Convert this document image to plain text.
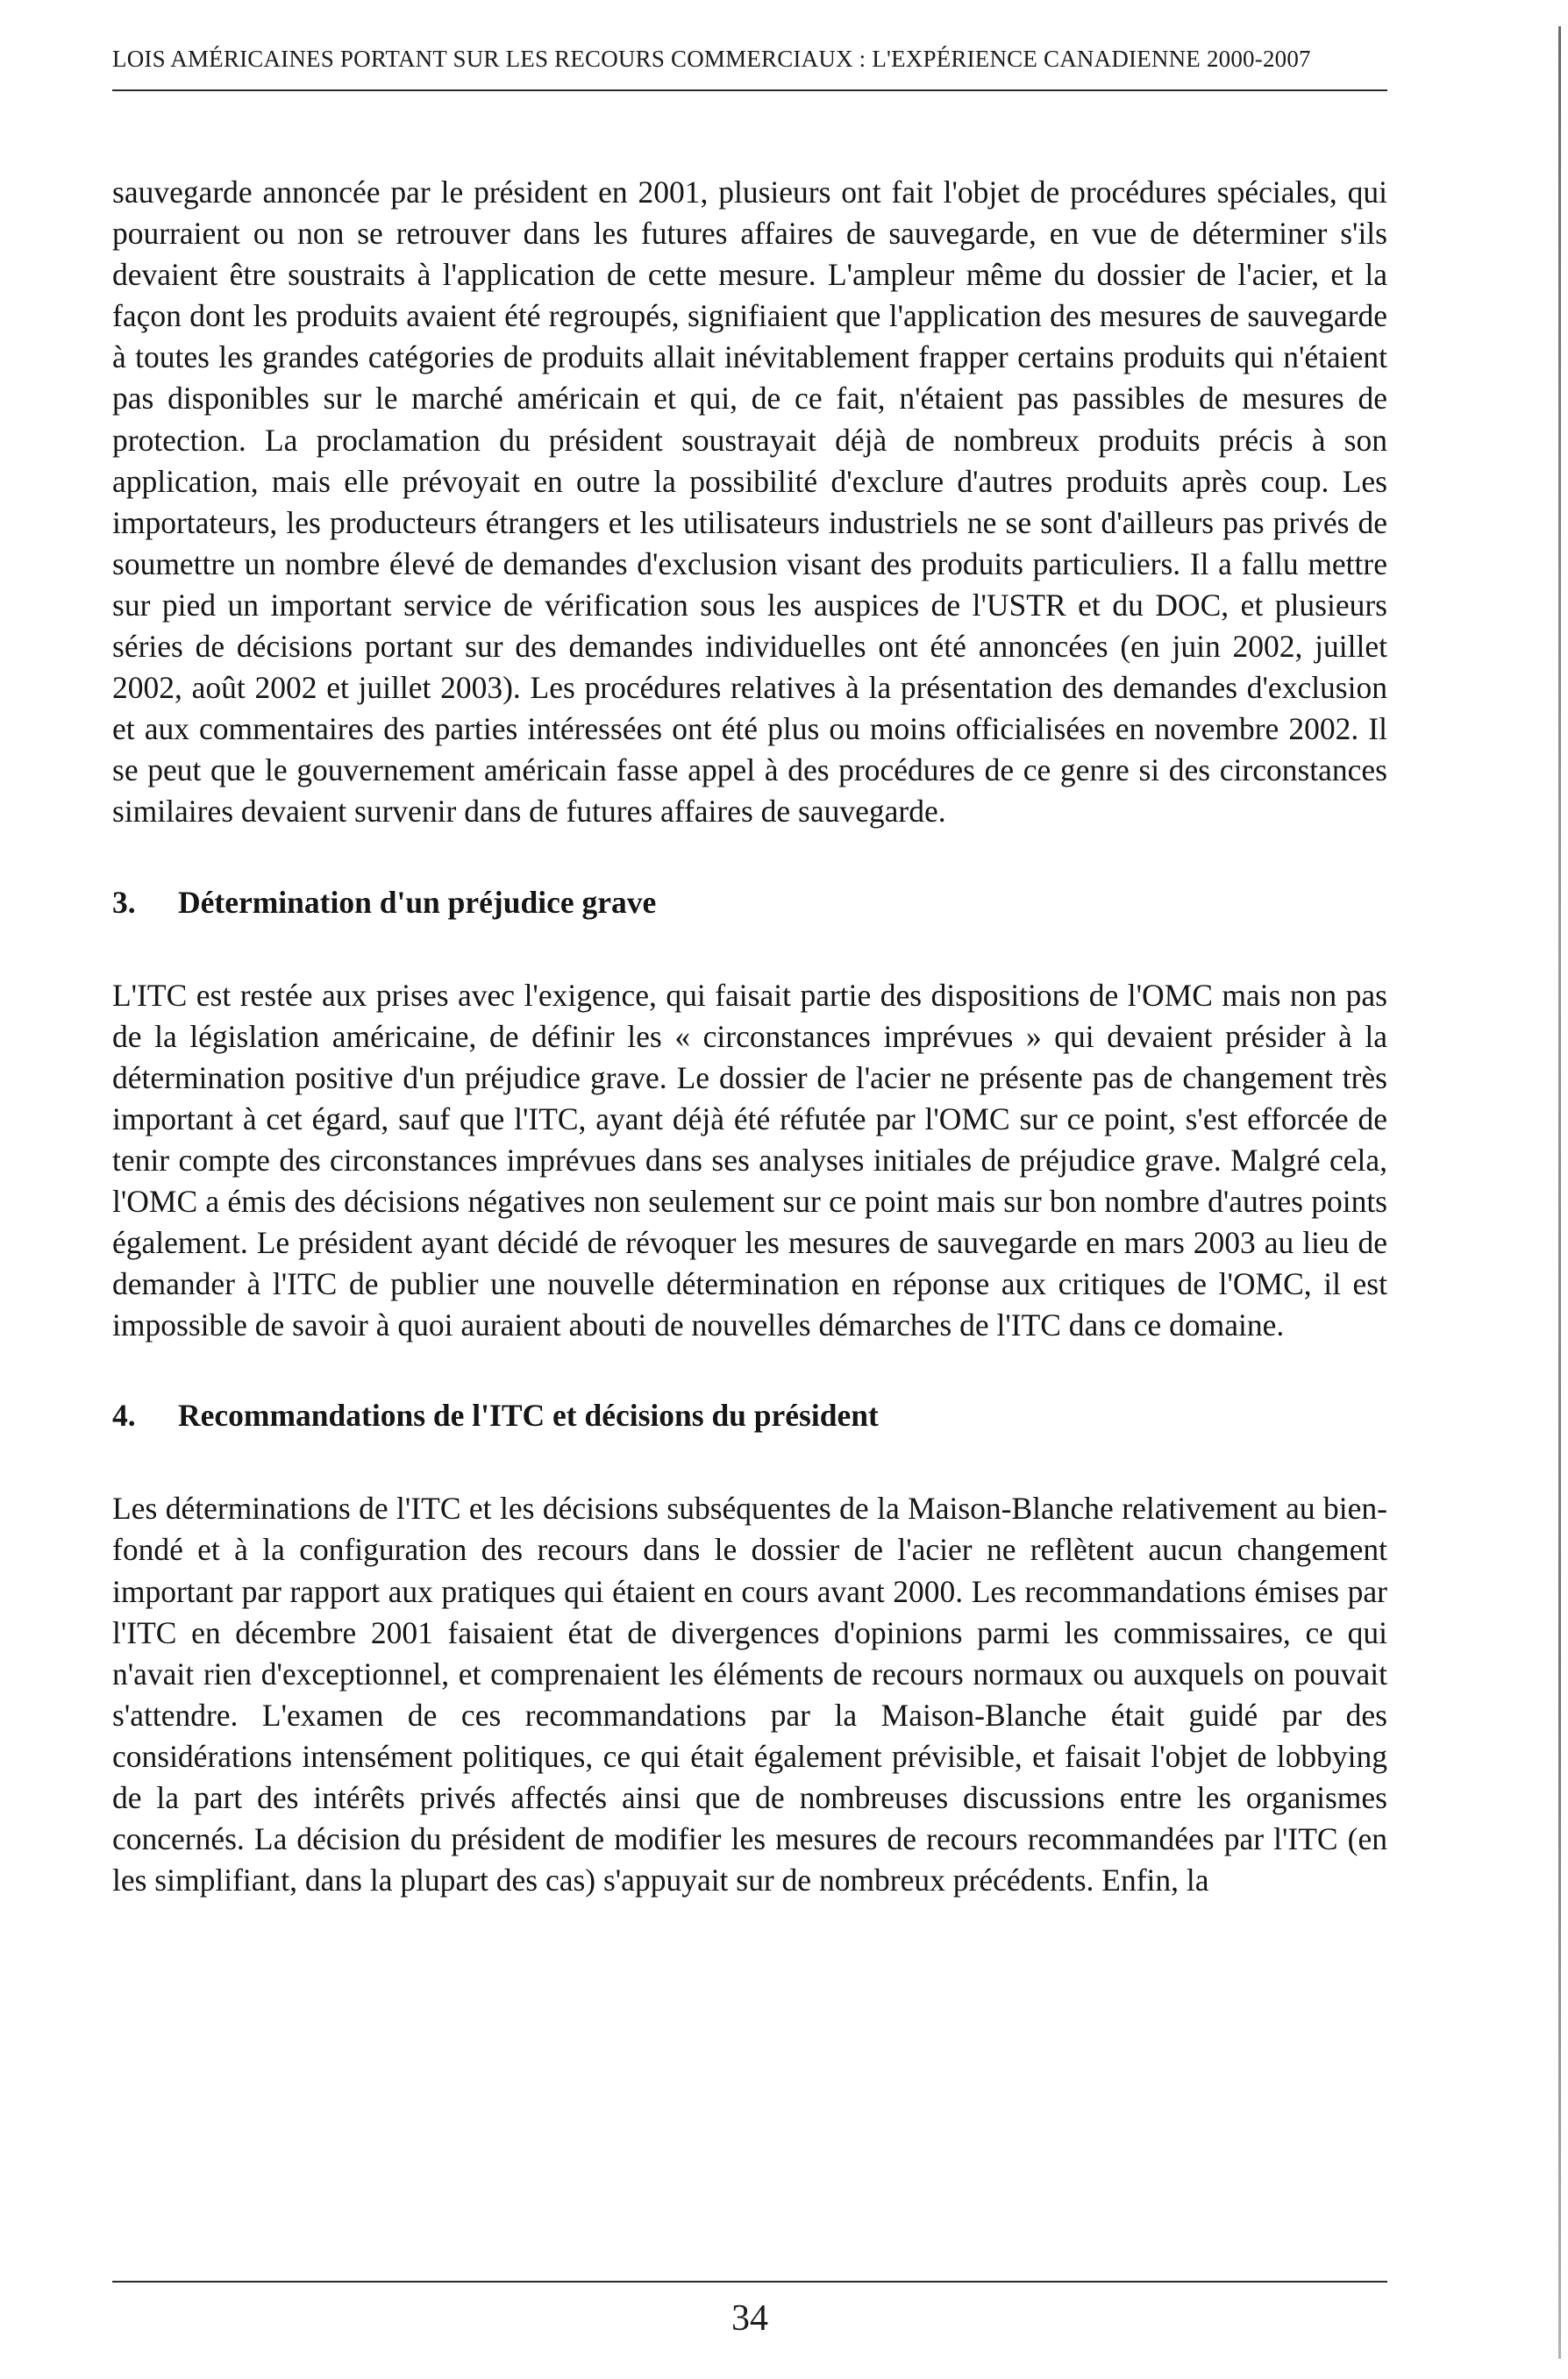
LOIS AMÉRICAINES PORTANT SUR LES RECOURS COMMERCIAUX : L'EXPÉRIENCE CANADIENNE 2000-2007

sauvegarde annoncée par le président en 2001, plusieurs ont fait l'objet de procédures spéciales, qui pourraient ou non se retrouver dans les futures affaires de sauvegarde, en vue de déterminer s'ils devaient être soustraits à l'application de cette mesure. L'ampleur même du dossier de l'acier, et la façon dont les produits avaient été regroupés, signifiaient que l'application des mesures de sauvegarde à toutes les grandes catégories de produits allait inévitablement frapper certains produits qui n'étaient pas disponibles sur le marché américain et qui, de ce fait, n'étaient pas passibles de mesures de protection. La proclamation du président soustrayait déjà de nombreux produits précis à son application, mais elle prévoyait en outre la possibilité d'exclure d'autres produits après coup. Les importateurs, les producteurs étrangers et les utilisateurs industriels ne se sont d'ailleurs pas privés de soumettre un nombre élevé de demandes d'exclusion visant des produits particuliers. Il a fallu mettre sur pied un important service de vérification sous les auspices de l'USTR et du DOC, et plusieurs séries de décisions portant sur des demandes individuelles ont été annoncées (en juin 2002, juillet 2002, août 2002 et juillet 2003). Les procédures relatives à la présentation des demandes d'exclusion et aux commentaires des parties intéressées ont été plus ou moins officialisées en novembre 2002. Il se peut que le gouvernement américain fasse appel à des procédures de ce genre si des circonstances similaires devaient survenir dans de futures affaires de sauvegarde.

3.	Détermination d'un préjudice grave

L'ITC est restée aux prises avec l'exigence, qui faisait partie des dispositions de l'OMC mais non pas de la législation américaine, de définir les « circonstances imprévues » qui devaient présider à la détermination positive d'un préjudice grave. Le dossier de l'acier ne présente pas de changement très important à cet égard, sauf que l'ITC, ayant déjà été réfutée par l'OMC sur ce point, s'est efforcée de tenir compte des circonstances imprévues dans ses analyses initiales de préjudice grave. Malgré cela, l'OMC a émis des décisions négatives non seulement sur ce point mais sur bon nombre d'autres points également. Le président ayant décidé de révoquer les mesures de sauvegarde en mars 2003 au lieu de demander à l'ITC de publier une nouvelle détermination en réponse aux critiques de l'OMC, il est impossible de savoir à quoi auraient abouti de nouvelles démarches de l'ITC dans ce domaine.

4.	Recommandations de l'ITC et décisions du président

Les déterminations de l'ITC et les décisions subséquentes de la Maison-Blanche relativement au bien-fondé et à la configuration des recours dans le dossier de l'acier ne reflètent aucun changement important par rapport aux pratiques qui étaient en cours avant 2000. Les recommandations émises par l'ITC en décembre 2001 faisaient état de divergences d'opinions parmi les commissaires, ce qui n'avait rien d'exceptionnel, et comprenaient les éléments de recours normaux ou auxquels on pouvait s'attendre. L'examen de ces recommandations par la Maison-Blanche était guidé par des considérations intensément politiques, ce qui était également prévisible, et faisait l'objet de lobbying de la part des intérêts privés affectés ainsi que de nombreuses discussions entre les organismes concernés. La décision du président de modifier les mesures de recours recommandées par l'ITC (en les simplifiant, dans la plupart des cas) s'appuyait sur de nombreux précédents. Enfin, la

34
